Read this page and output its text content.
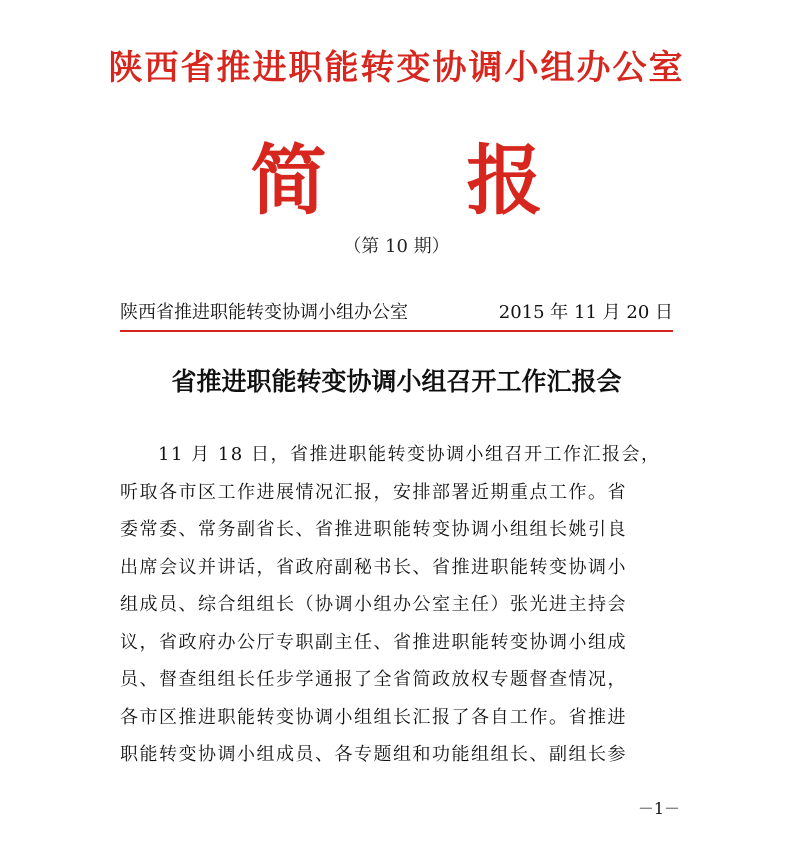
陕西省推进职能转变协调小组办公室
简 报
（第 10 期）
陕西省推进职能转变协调小组办公室	2015 年 11 月 20 日
省推进职能转变协调小组召开工作汇报会
11 月 18 日，省推进职能转变协调小组召开工作汇报会，
听取各市区工作进展情况汇报，安排部署近期重点工作。省
委常委、常务副省长、省推进职能转变协调小组组长姚引良
出席会议并讲话，省政府副秘书长、省推进职能转变协调小
组成员、综合组组长（协调小组办公室主任）张光进主持会
议，省政府办公厅专职副主任、省推进职能转变协调小组成
员、督查组组长任步学通报了全省简政放权专题督查情况，
各市区推进职能转变协调小组组长汇报了各自工作。省推进
职能转变协调小组成员、各专题组和功能组组长、副组长参
－1－
